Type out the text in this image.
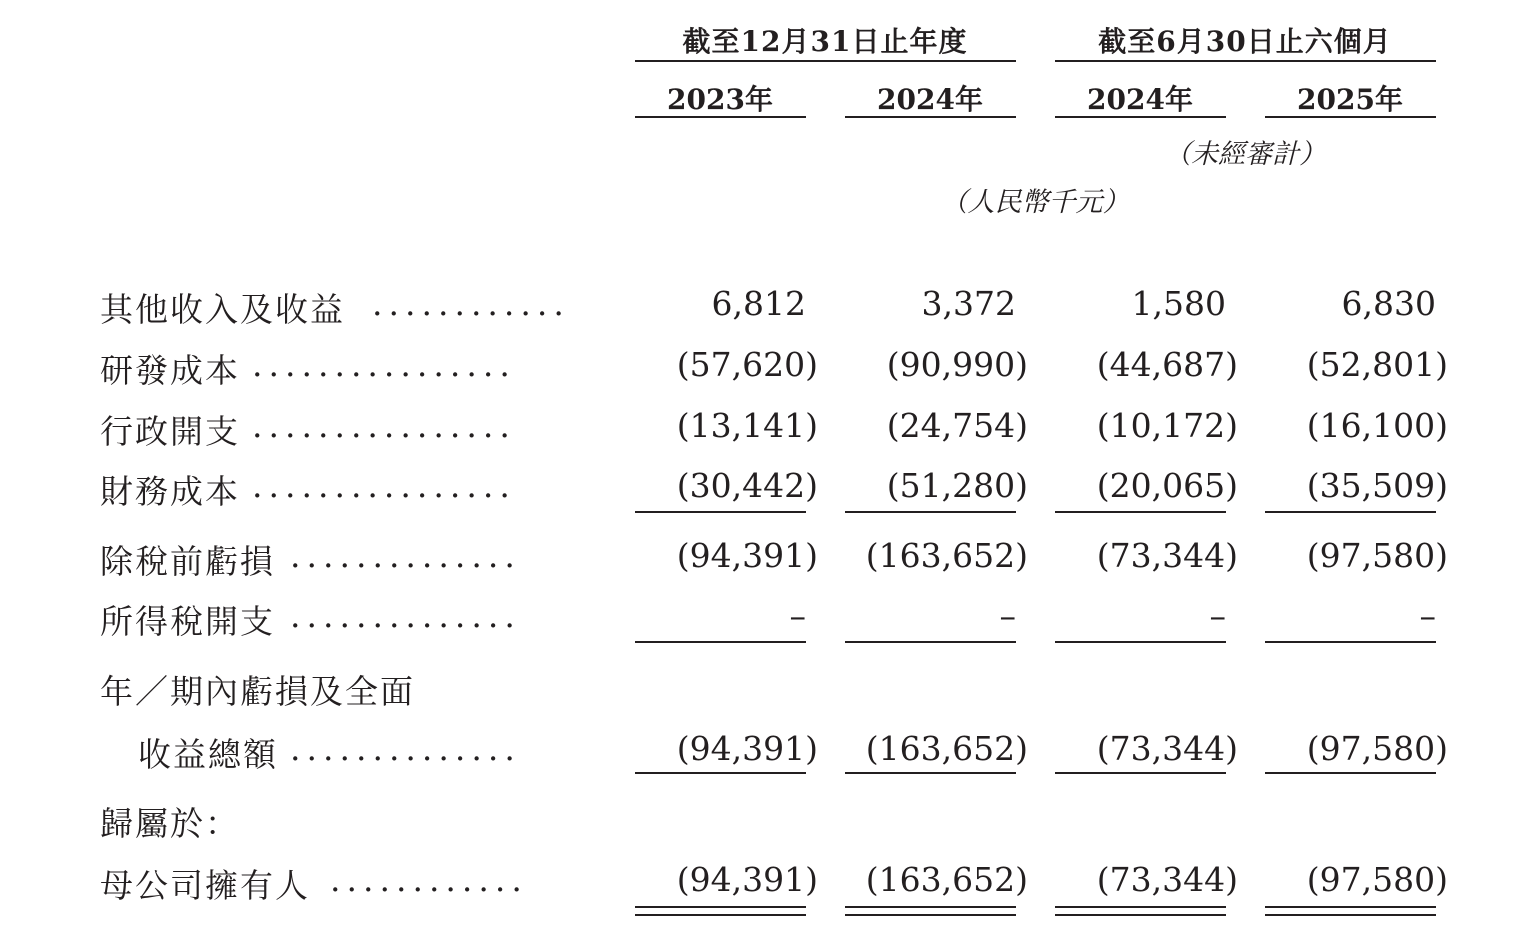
截至12月31日止年度	截至6月30日止六個月
2023年	2024年	2024年	2025年
（未經審計）
（人民幣千元）
其他收入及收益 ............	6,812	3,372	1,580	6,830
研發成本 ................	(57,620)	(90,990)	(44,687)	(52,801)
行政開支 ................	(13,141)	(24,754)	(10,172)	(16,100)
財務成本 ................	(30,442)	(51,280)	(20,065)	(35,509)
除稅前虧損 ..............	(94,391)	(163,652)	(73,344)	(97,580)
所得稅開支 ..............	–	–	–	–
年／期內虧損及全面
收益總額 ..............	(94,391)	(163,652)	(73,344)	(97,580)
歸屬於：
母公司擁有人 ............	(94,391)	(163,652)	(73,344)	(97,580)
